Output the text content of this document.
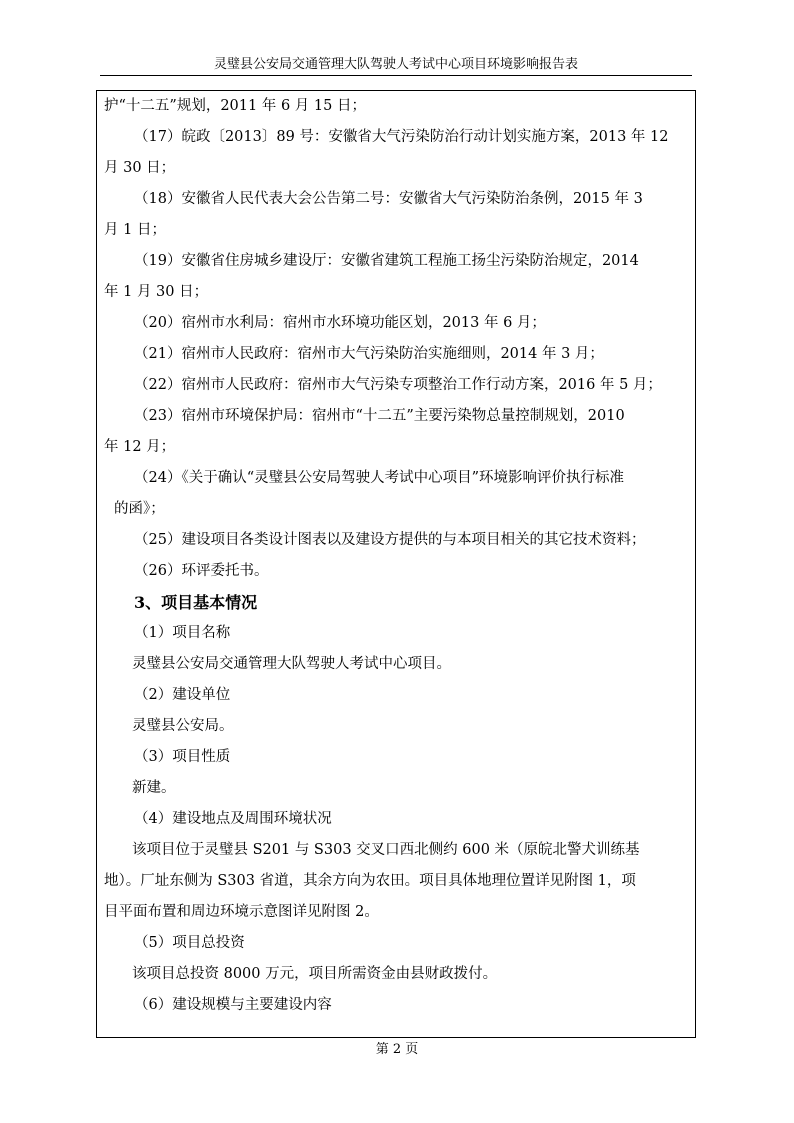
灵璧县公安局交通管理大队驾驶人考试中心项目环境影响报告表

护“十二五”规划，2011 年 6 月 15 日；

（17）皖政〔2013〕89 号：安徽省大气污染防治行动计划实施方案，2013 年 12

月 30 日；

（18）安徽省人民代表大会公告第二号：安徽省大气污染防治条例，2015 年 3

月 1 日；

（19）安徽省住房城乡建设厅：安徽省建筑工程施工扬尘污染防治规定，2014

年 1 月 30 日；

（20）宿州市水利局：宿州市水环境功能区划，2013 年 6 月；

（21）宿州市人民政府：宿州市大气污染防治实施细则，2014 年 3 月；

（22）宿州市人民政府：宿州市大气污染专项整治工作行动方案，2016 年 5 月；

（23）宿州市环境保护局：宿州市“十二五”主要污染物总量控制规划，2010

年 12 月；

（24）《关于确认“灵璧县公安局驾驶人考试中心项目”环境影响评价执行标准

的函》；

（25）建设项目各类设计图表以及建设方提供的与本项目相关的其它技术资料；

（26）环评委托书。

3、项目基本情况

（1）项目名称

灵璧县公安局交通管理大队驾驶人考试中心项目。

（2）建设单位

灵璧县公安局。

（3）项目性质

新建。

（4）建设地点及周围环境状况

该项目位于灵璧县 S201 与 S303 交叉口西北侧约 600 米（原皖北警犬训练基

地）。厂址东侧为 S303 省道，其余方向为农田。项目具体地理位置详见附图 1，项

目平面布置和周边环境示意图详见附图 2。

（5）项目总投资

该项目总投资 8000 万元，项目所需资金由县财政拨付。

（6）建设规模与主要建设内容

第 2 页
